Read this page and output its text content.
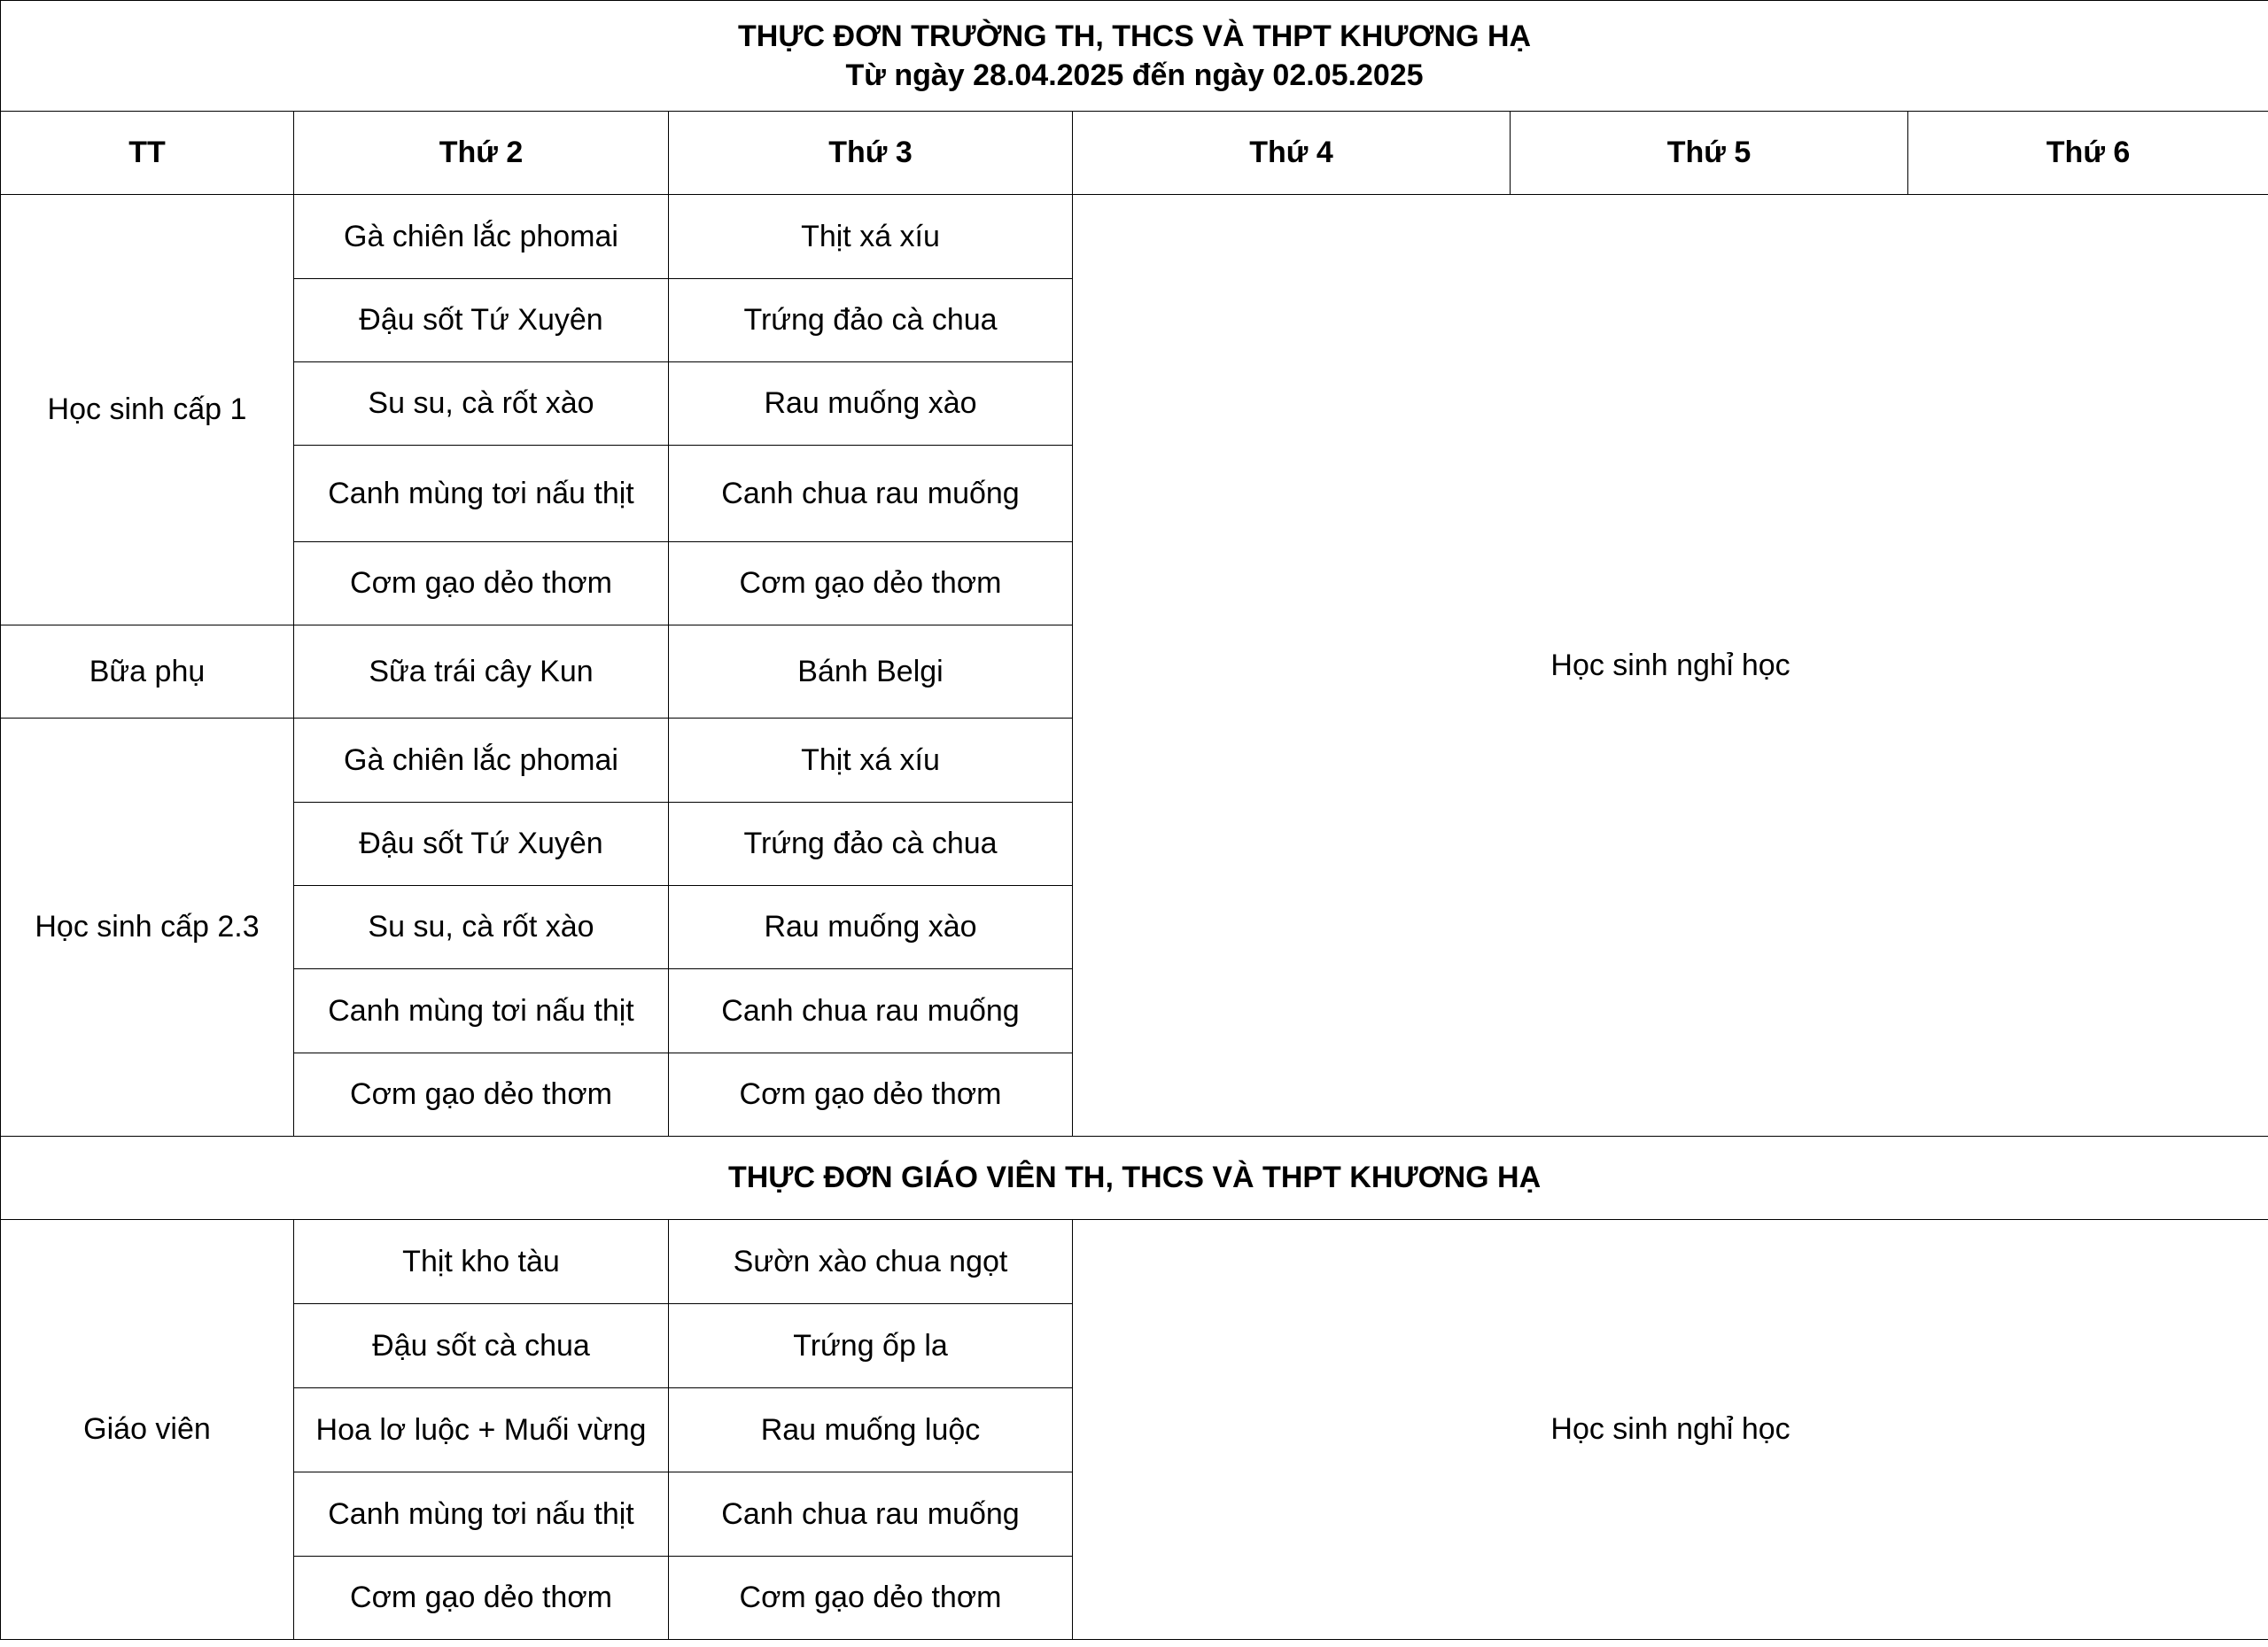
THỰC ĐƠN TRƯỜNG TH, THCS VÀ THPT KHƯƠNG HẠ
Từ ngày 28.04.2025 đến ngày 02.05.2025					

TT	Thứ 2	Thứ 3	Thứ 4	Thứ 5	Thứ 6
Học sinh cấp 1	Gà chiên lắc phomai	Thịt xá xíu	Học sinh nghỉ học		
	Đậu sốt Tứ Xuyên	Trứng đảo cà chua			
	Su su, cà rốt xào	Rau muống xào			
	Canh mùng tơi nấu thịt	Canh chua rau muống			
	Cơm gạo dẻo thơm	Cơm gạo dẻo thơm			
Bữa phụ	Sữa trái cây Kun	Bánh Belgi			
Học sinh cấp 2.3	Gà chiên lắc phomai	Thịt xá xíu			
	Đậu sốt Tứ Xuyên	Trứng đảo cà chua			
	Su su, cà rốt xào	Rau muống xào			
	Canh mùng tơi nấu thịt	Canh chua rau muống			
	Cơm gạo dẻo thơm	Cơm gạo dẻo thơm			
THỰC ĐƠN GIÁO VIÊN TH, THCS VÀ THPT KHƯƠNG HẠ					
Giáo viên	Thịt kho tàu	Sườn xào chua ngọt	Học sinh nghỉ học		
	Đậu sốt cà chua	Trứng ốp la			
	Hoa lơ luộc + Muối vừng	Rau muống luộc			
	Canh mùng tơi nấu thịt	Canh chua rau muống			
	Cơm gạo dẻo thơm	Cơm gạo dẻo thơm			
